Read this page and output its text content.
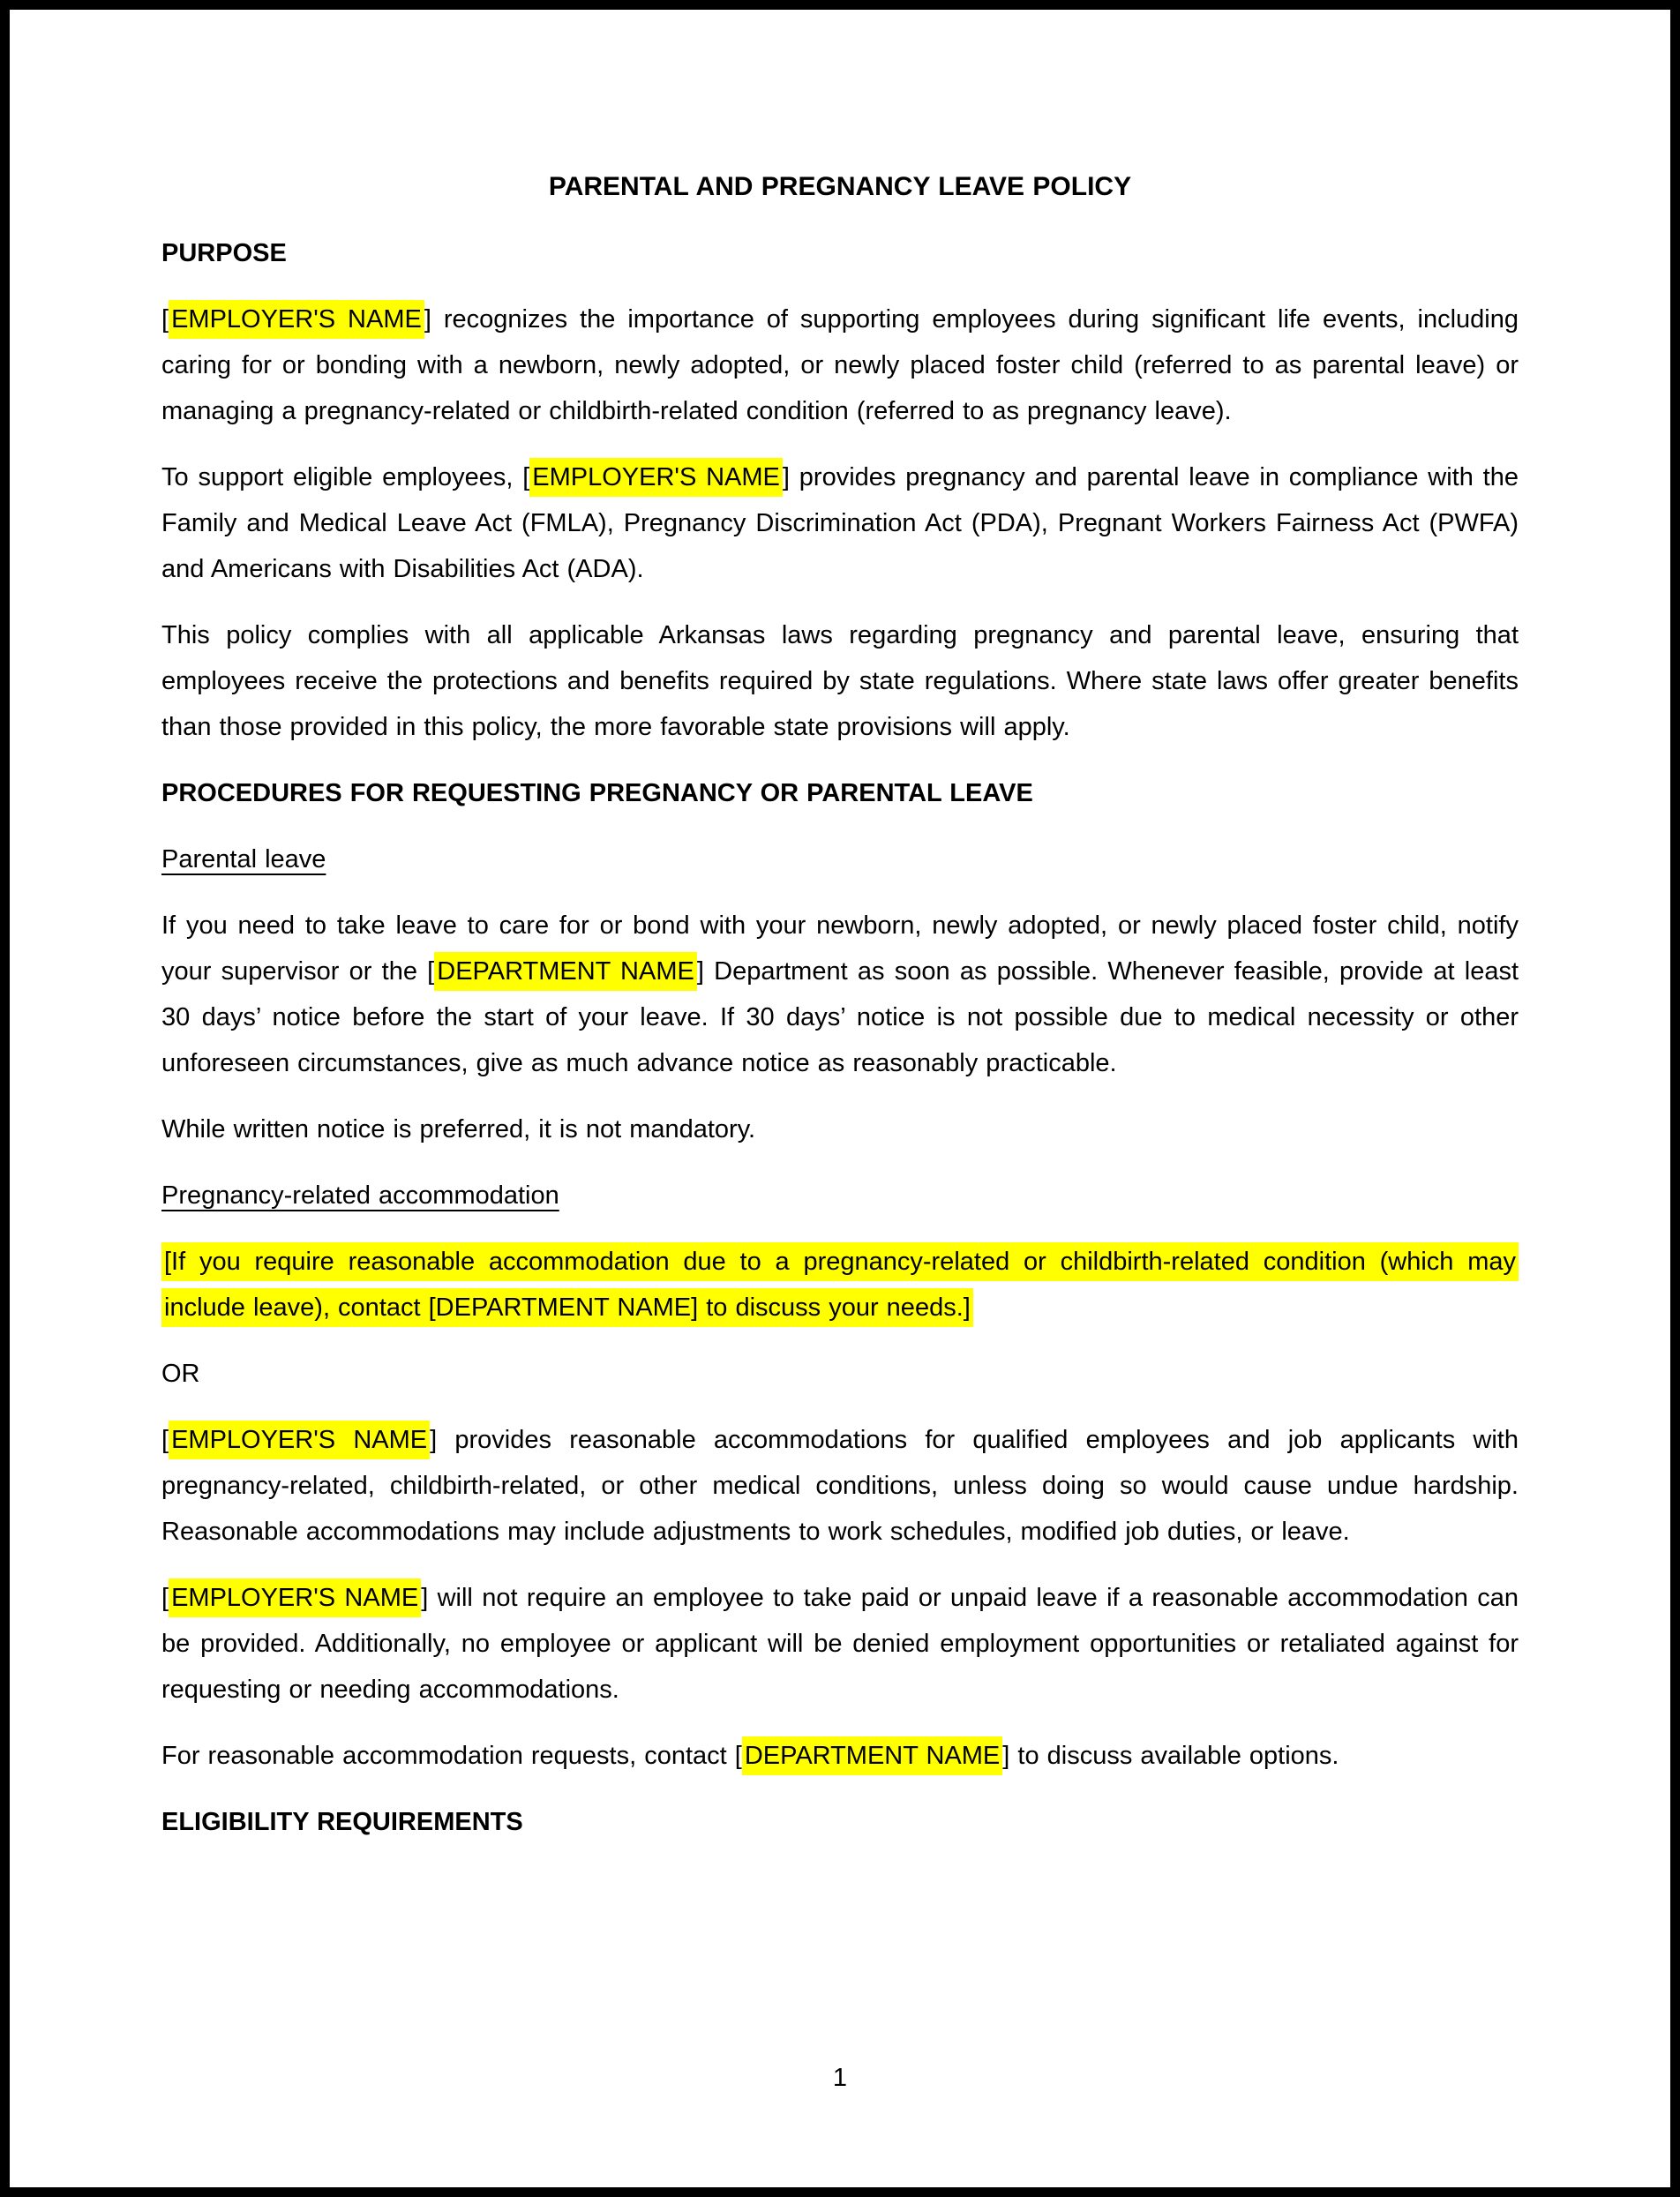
PARENTAL AND PREGNANCY LEAVE POLICY
PURPOSE
[ EMPLOYER'S NAME ] recognizes the importance of supporting employees during significant life events, including caring for or bonding with a newborn, newly adopted, or newly placed foster child (referred to as parental leave) or managing a pregnancy-related or childbirth-related condition (referred to as pregnancy leave).
To support eligible employees, [ EMPLOYER'S NAME ] provides pregnancy and parental leave in compliance with the Family and Medical Leave Act (FMLA), Pregnancy Discrimination Act (PDA), Pregnant Workers Fairness Act (PWFA) and Americans with Disabilities Act (ADA).
This policy complies with all applicable Arkansas laws regarding pregnancy and parental leave, ensuring that employees receive the protections and benefits required by state regulations. Where state laws offer greater benefits than those provided in this policy, the more favorable state provisions will apply.
PROCEDURES FOR REQUESTING PREGNANCY OR PARENTAL LEAVE
Parental leave
If you need to take leave to care for or bond with your newborn, newly adopted, or newly placed foster child, notify your supervisor or the [ DEPARTMENT NAME ] Department as soon as possible. Whenever feasible, provide at least 30 days’ notice before the start of your leave. If 30 days’ notice is not possible due to medical necessity or other unforeseen circumstances, give as much advance notice as reasonably practicable.
While written notice is preferred, it is not mandatory.
Pregnancy-related accommodation
[If you require reasonable accommodation due to a pregnancy-related or childbirth-related condition (which may include leave), contact [DEPARTMENT NAME] to discuss your needs.]
OR
[ EMPLOYER'S NAME ] provides reasonable accommodations for qualified employees and job applicants with pregnancy-related, childbirth-related, or other medical conditions, unless doing so would cause undue hardship. Reasonable accommodations may include adjustments to work schedules, modified job duties, or leave.
[ EMPLOYER'S NAME ] will not require an employee to take paid or unpaid leave if a reasonable accommodation can be provided. Additionally, no employee or applicant will be denied employment opportunities or retaliated against for requesting or needing accommodations.
For reasonable accommodation requests, contact [ DEPARTMENT NAME ] to discuss available options.
ELIGIBILITY REQUIREMENTS
1
